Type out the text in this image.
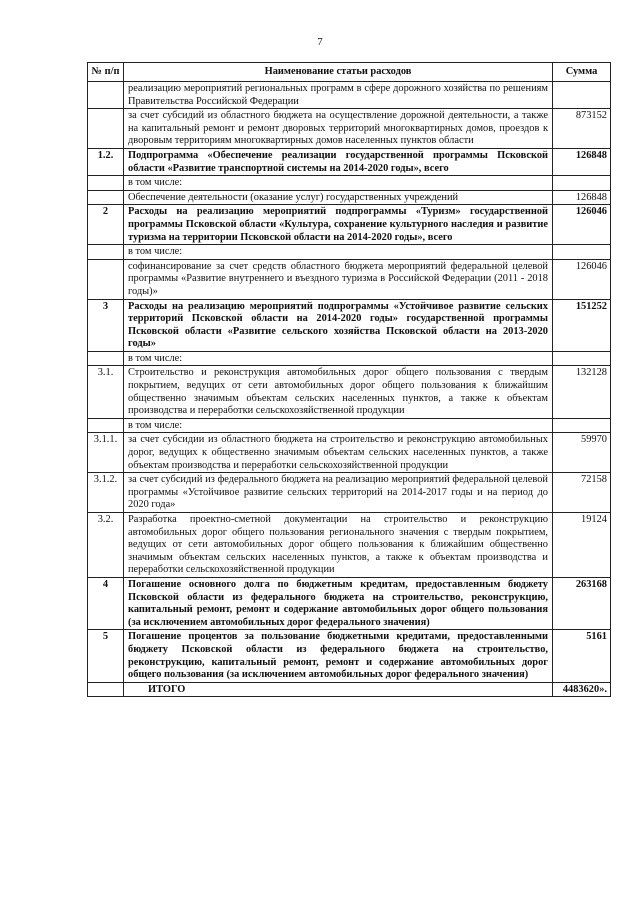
7
№ п/п	Наименование статьи расходов	Сумма
	реализацию мероприятий региональных программ в сфере дорожного хозяйства по решениям Правительства Российской Федерации	
	за счет субсидий из областного бюджета на осуществление дорожной деятельности, а также на капитальный ремонт и ремонт дворовых территорий многоквартирных домов, проездов к дворовым территориям многоквартирных домов населенных пунктов области	873152
1.2.	Подпрограмма «Обеспечение реализации государственной программы Псковской области «Развитие транспортной системы на 2014-2020 годы», всего	126848
	в том числе:	
	Обеспечение деятельности (оказание услуг) государственных учреждений	126848
2	Расходы на реализацию мероприятий подпрограммы «Туризм» государственной программы Псковской области «Культура, сохранение культурного наследия и развитие туризма на территории Псковской области на 2014-2020 годы», всего	126046
	в том числе:	
	софинансирование за счет средств областного бюджета мероприятий федеральной целевой программы «Развитие внутреннего и въездного туризма в Российской Федерации (2011 - 2018 годы)»	126046
3	Расходы на реализацию мероприятий подпрограммы «Устойчивое развитие сельских территорий Псковской области на 2014-2020 годы» государственной программы Псковской области «Развитие сельского хозяйства Псковской области на 2013-2020 годы»	151252
	в том числе:	
3.1.	Строительство и реконструкция автомобильных дорог общего пользования с твердым покрытием, ведущих от сети автомобильных дорог общего пользования к ближайшим общественно значимым объектам сельских населенных пунктов, а также к объектам производства и переработки сельскохозяйственной продукции	132128
	в том числе:	
3.1.1.	за счет субсидии из областного бюджета на строительство и реконструкцию автомобильных дорог, ведущих к общественно значимым объектам сельских населенных пунктов, а также объектам производства и переработки сельскохозяйственной продукции	59970
3.1.2.	за счет субсидий из федерального бюджета на реализацию мероприятий федеральной целевой программы «Устойчивое развитие сельских территорий на 2014-2017 годы и на период до 2020 года»	72158
3.2.	Разработка проектно-сметной документации на строительство и реконструкцию автомобильных дорог общего пользования регионального значения с твердым покрытием, ведущих от сети автомобильных дорог общего пользования к ближайшим общественно значимым объектам сельских населенных пунктов, а также к объектам производства и переработки сельскохозяйственной продукции	19124
4	Погашение основного долга по бюджетным кредитам, предоставленным бюджету Псковской области из федерального бюджета на строительство, реконструкцию, капитальный ремонт, ремонт и содержание автомобильных дорог общего пользования (за исключением автомобильных дорог федерального значения)	263168
5	Погашение процентов за пользование бюджетными кредитами, предоставленными бюджету Псковской области из федерального бюджета на строительство, реконструкцию, капитальный ремонт, ремонт и содержание автомобильных дорог общего пользования (за исключением автомобильных дорог федерального значения)	5161
	ИТОГО	4483620».
